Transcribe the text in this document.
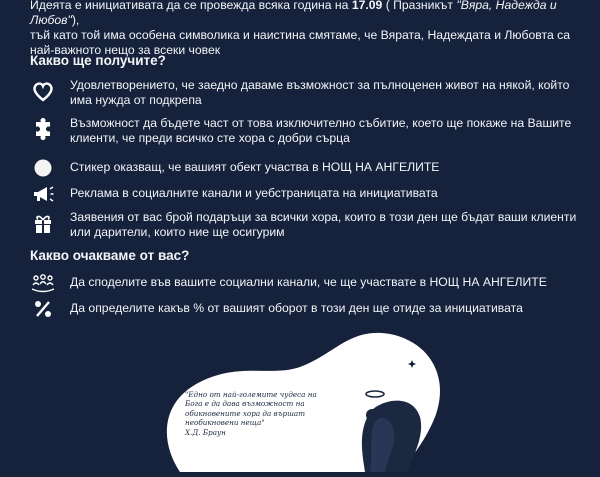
Идеята е инициативата да се провежда всяка година на 17.09 ( Празникът "Вяра, Надежда и Любов"),
тъй като той има особена символика и наистина смятаме, че Вярата, Надеждата и Любовта са
най-важното нещо за всеки човек
Какво ще получите?
Удовлетворението, че заедно даваме възможност за пълноценен живот на някой, който има нужда от подкрепа
Възможност да бъдете част от това изключително събитие, което ще покаже на Вашите клиенти, че преди всичко сте хора с добри сърца
Стикер оказващ, че вашият обект участва в НОЩ НА АНГЕЛИТЕ
Реклама в социалните канали и уебстраницата на инициативата
Заявения от вас брой подаръци за всички хора, които в този ден ще бъдат ваши клиенти или дарители, които ние ще осигурим
Какво очакваме от вас?
Да споделите във вашите социални канали, че ще участвате в НОЩ НА АНГЕЛИТЕ
Да определите какъв % от вашият оборот в този ден ще отиде за инициативата
"Едно от най-големите чудеса на Бога е да дава възможност на обикновените хора да вършат необикновени неща"
Х.Д. Браун
